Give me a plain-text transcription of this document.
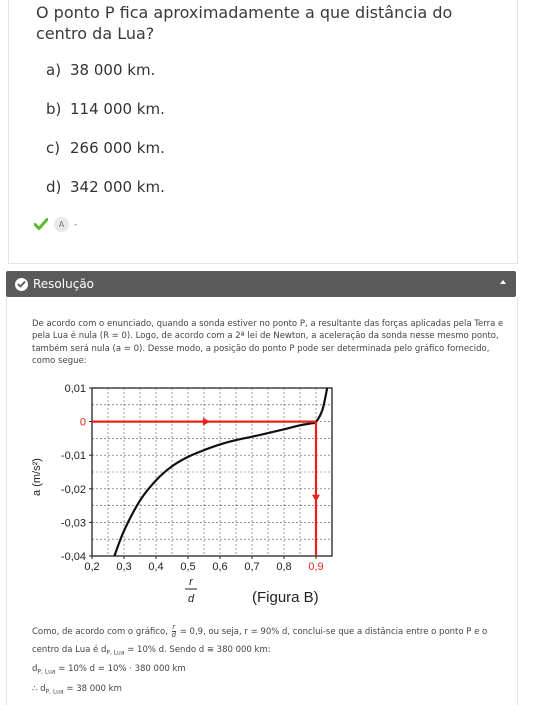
O ponto P fica aproximadamente a que distância do centro da Lua?
a) 38 000 km.
b) 114 000 km.
c) 266 000 km.
d) 342 000 km.
A	-
Resolução
De acordo com o enunciado, quando a sonda estiver no ponto P, a resultante das forças aplicadas pela Terra e pela Lua é nula (R = 0). Logo, de acordo com a 2ª lei de Newton, a aceleração da sonda nesse mesmo ponto, também será nula (a = 0). Desse modo, a posição do ponto P pode ser determinada pelo gráfico fornecido, como segue:
0,2 0,3 0,4 0,5 0,6 0,7 0,8 0,9
0,01
0
-0,01
-0,02
-0,03
-0,04
a (m/s²)
r
d	(Figura B)
Como, de acordo com o gráfico, $\frac{r}{d} = 0,9$, ou seja, r = 90% d, conclui-se que a distância entre o ponto P e o
centro da Lua é $d_{P, Lua} = 10\%$ d. Sendo d ≅ 380 000 km:
$d_{P, Lua} = 10\%$ d = 10% · 380 000 km
∴ $d_{P, Lua} = 38$ 000 km
